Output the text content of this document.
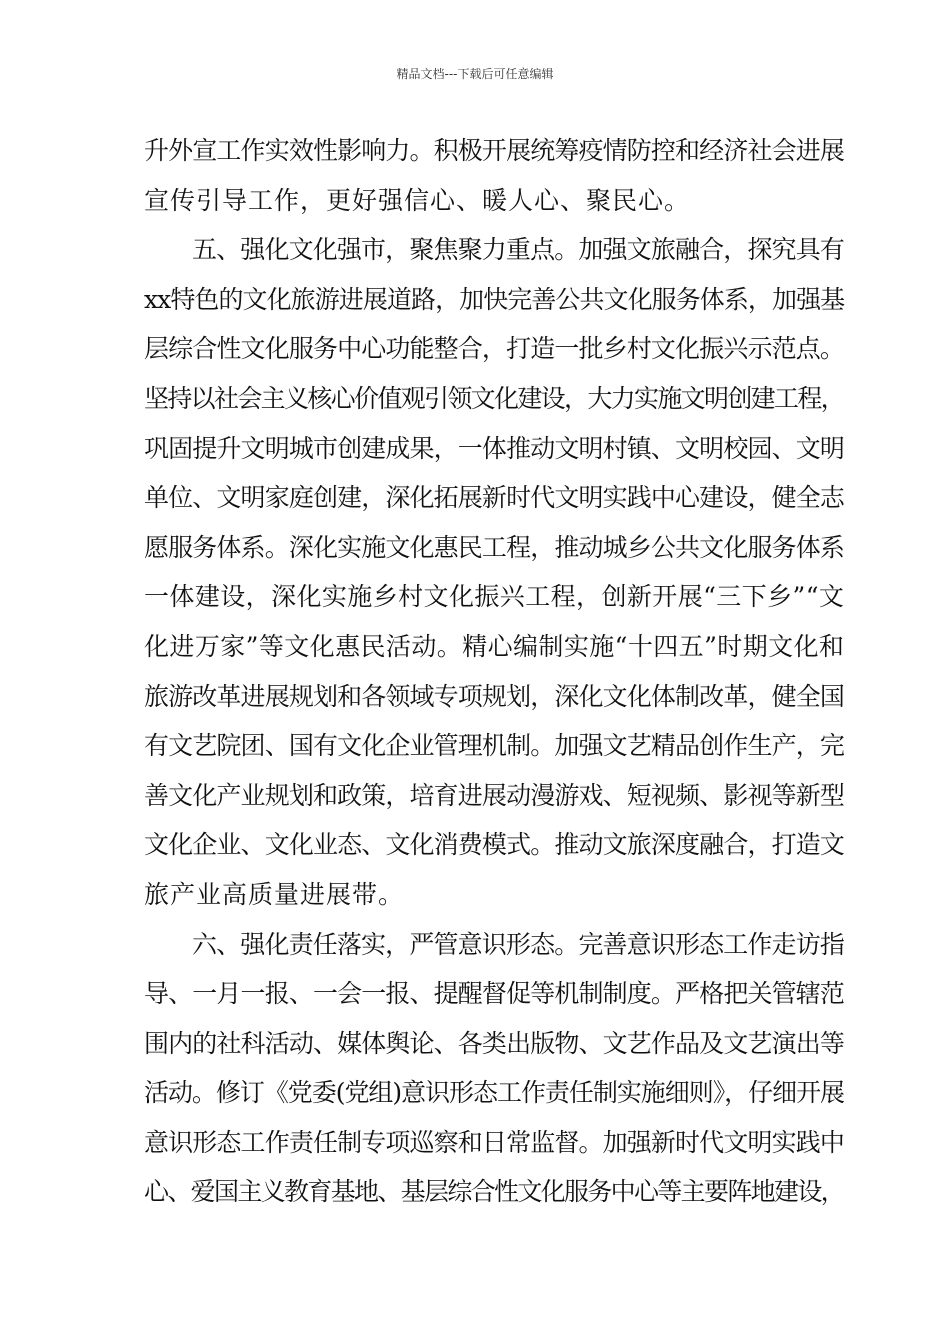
精品文档---下载后可任意编辑
升外宣工作实效性影响力。积极开展统筹疫情防控和经济社会进展
宣传引导工作，更好强信心、暖人心、聚民心。
五、强化文化强市，聚焦聚力重点。加强文旅融合，探究具有
xx特色的文化旅游进展道路，加快完善公共文化服务体系，加强基
层综合性文化服务中心功能整合，打造一批乡村文化振兴示范点。
坚持以社会主义核心价值观引领文化建设，大力实施文明创建工程，
巩固提升文明城市创建成果，一体推动文明村镇、文明校园、文明
单位、文明家庭创建，深化拓展新时代文明实践中心建设，健全志
愿服务体系。深化实施文化惠民工程，推动城乡公共文化服务体系
一体建设，深化实施乡村文化振兴工程，创新开展“三下乡”“文
化进万家”等文化惠民活动。精心编制实施“十四五”时期文化和
旅游改革进展规划和各领域专项规划，深化文化体制改革，健全国
有文艺院团、国有文化企业管理机制。加强文艺精品创作生产，完
善文化产业规划和政策，培育进展动漫游戏、短视频、影视等新型
文化企业、文化业态、文化消费模式。推动文旅深度融合，打造文
旅产业高质量进展带。
六、强化责任落实，严管意识形态。完善意识形态工作走访指
导、一月一报、一会一报、提醒督促等机制制度。严格把关管辖范
围内的社科活动、媒体舆论、各类出版物、文艺作品及文艺演出等
活动。修订《党委(党组)意识形态工作责任制实施细则》，仔细开展
意识形态工作责任制专项巡察和日常监督。加强新时代文明实践中
心、爱国主义教育基地、基层综合性文化服务中心等主要阵地建设，
